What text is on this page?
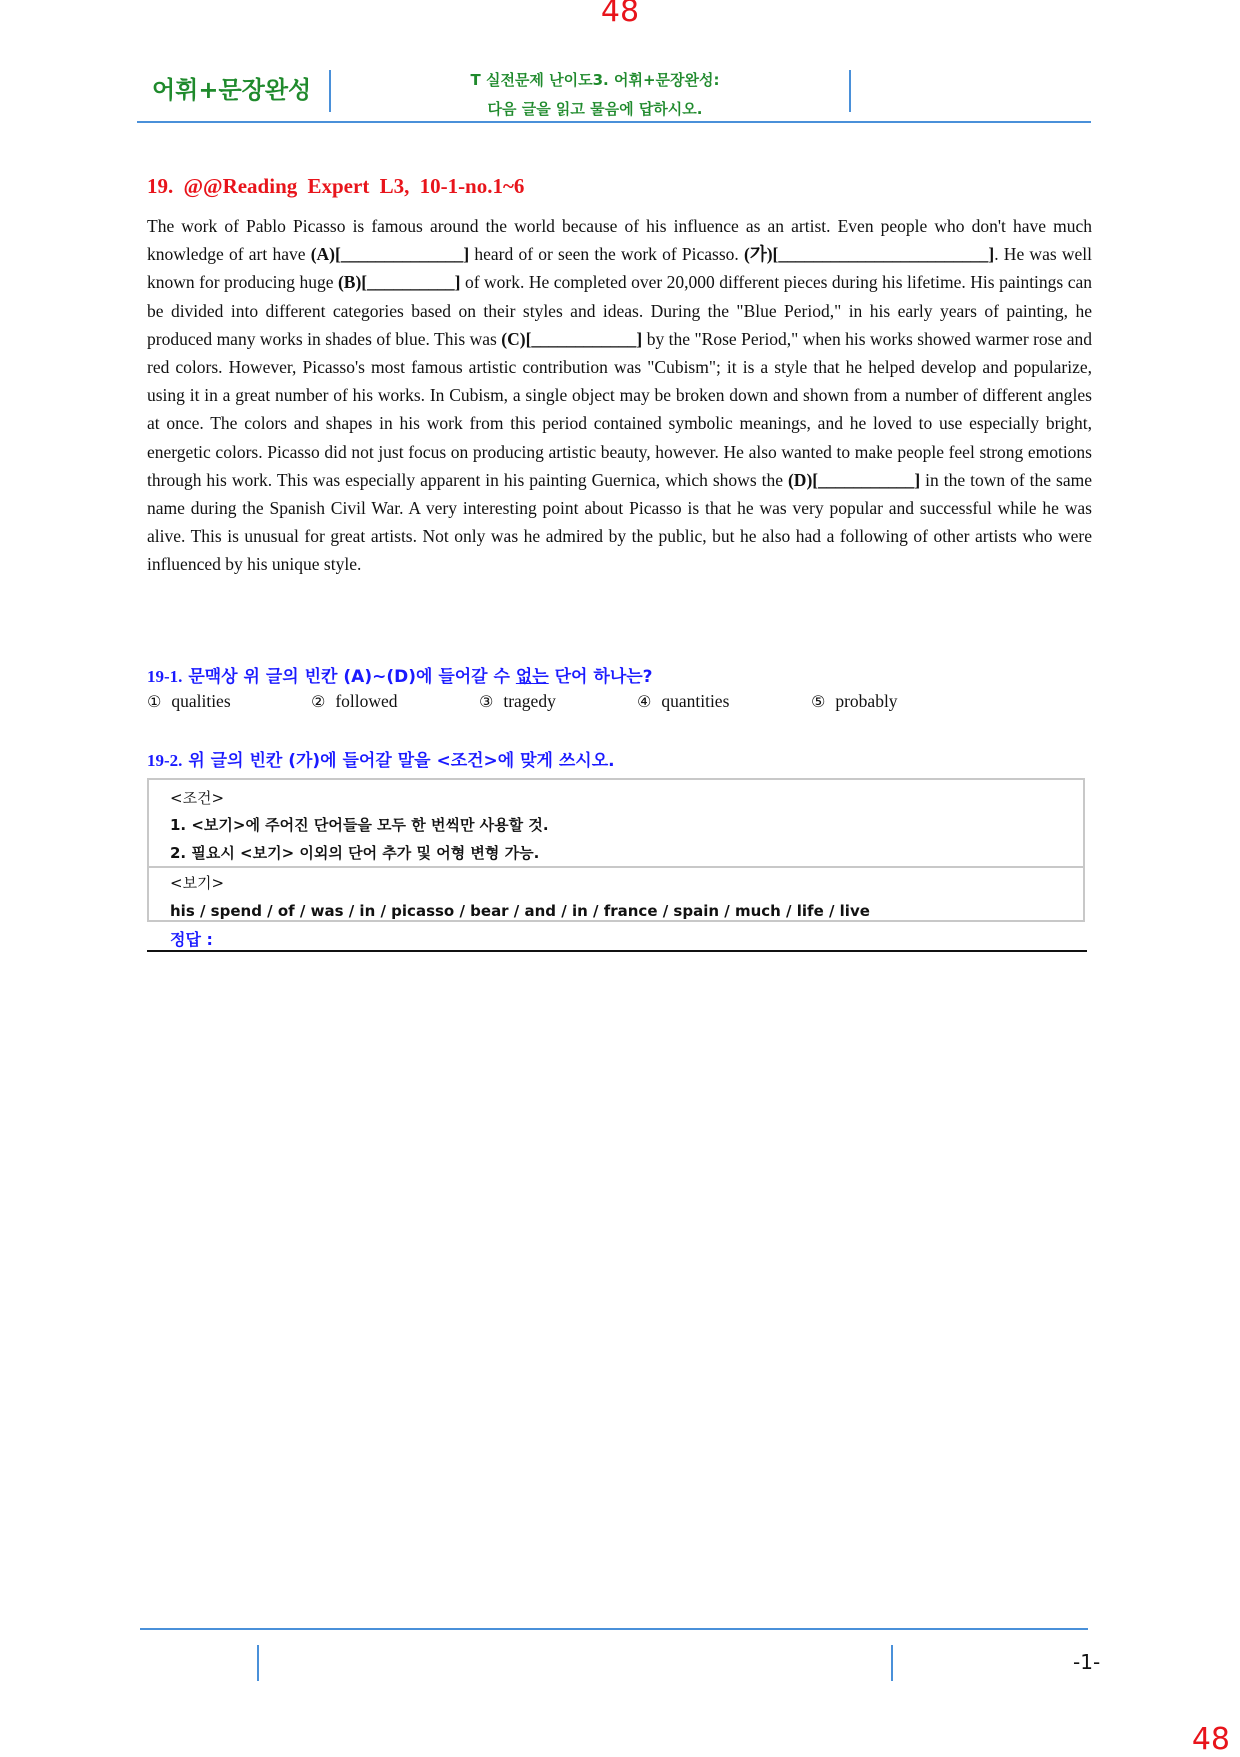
48
어휘+문장완성	T 실전문제 난이도3. 어휘+문장완성:
다음 글을 읽고 물음에 답하시오.
19. @@Reading Expert L3, 10-1-no.1~6
The work of Pablo Picasso is famous around the world because of his influence as an artist. Even people who don't have much knowledge of art have (A)[______________] heard of or seen the work of Picasso. (가)[________________________]. He was well known for producing huge (B)[__________] of work. He completed over 20,000 different pieces during his lifetime. His paintings can be divided into different categories based on their styles and ideas. During the "Blue Period," in his early years of painting, he produced many works in shades of blue. This was (C)[____________] by the "Rose Period," when his works showed warmer rose and red colors. However, Picasso's most famous artistic contribution was "Cubism"; it is a style that he helped develop and popularize, using it in a great number of his works. In Cubism, a single object may be broken down and shown from a number of different angles at once. The colors and shapes in his work from this period contained symbolic meanings, and he loved to use especially bright, energetic colors. Picasso did not just focus on producing artistic beauty, however. He also wanted to make people feel strong emotions through his work. This was especially apparent in his painting Guernica, which shows the (D)[___________] in the town of the same name during the Spanish Civil War. A very interesting point about Picasso is that he was very popular and successful while he was alive. This is unusual for great artists. Not only was he admired by the public, but he also had a following of other artists who were influenced by his unique style.
19-1. 문맥상 위 글의 빈칸 (A)~(D)에 들어갈 수 없는 단어 하나는?
① qualities	② followed	③ tragedy	④ quantities	⑤ probably
19-2. 위 글의 빈칸 (가)에 들어갈 말을 <조건>에 맞게 쓰시오.
<조건>
1. <보기>에 주어진 단어들을 모두 한 번씩만 사용할 것.
2. 필요시 <보기> 이외의 단어 추가 및 어형 변형 가능.
<보기>
his / spend / of / was / in / picasso / bear / and / in / france / spain / much / life / live
정답 :
-1-
48
